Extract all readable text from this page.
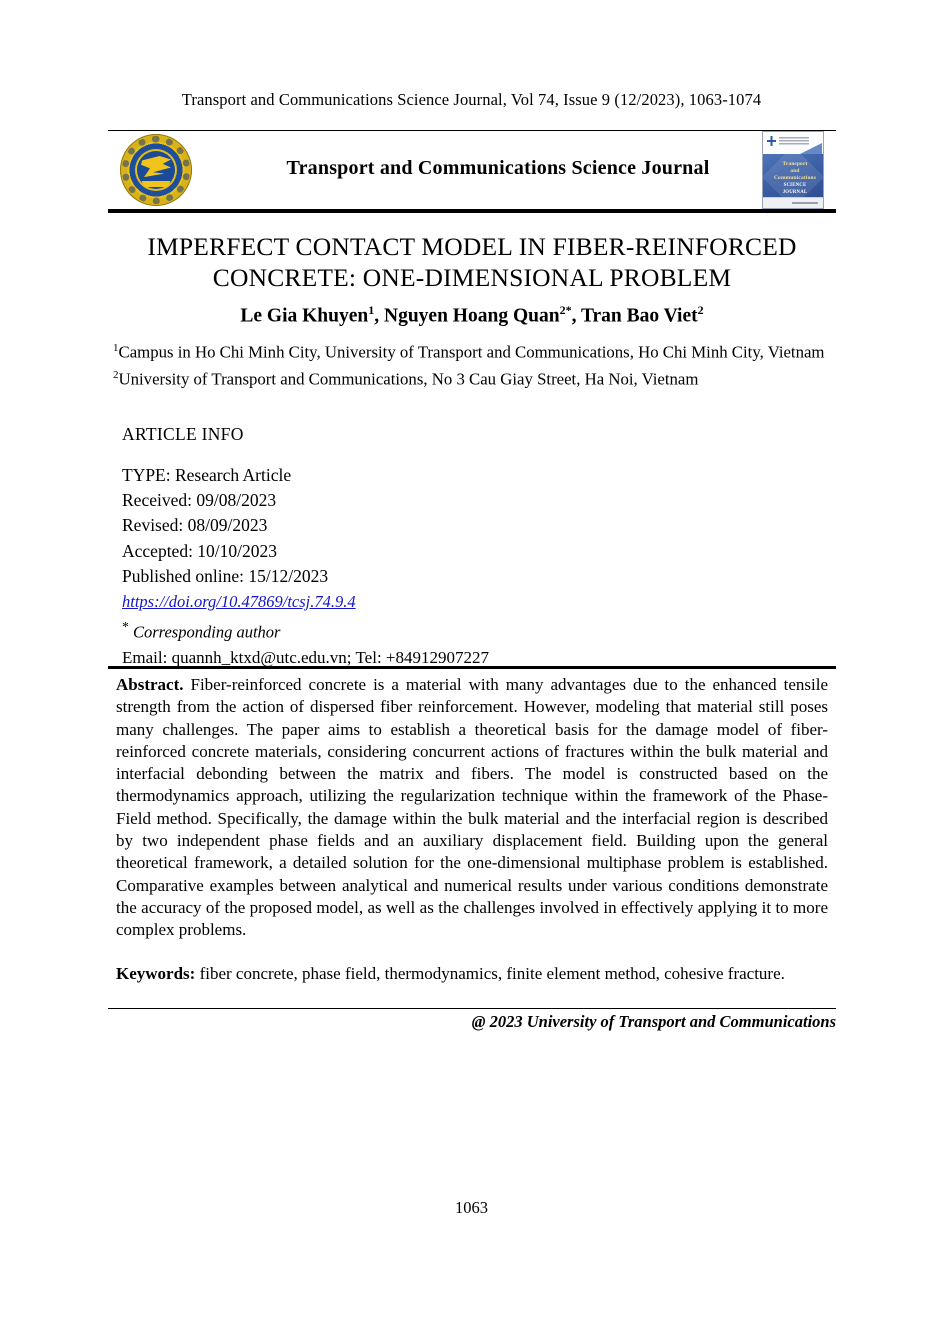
Transport and Communications Science Journal, Vol 74, Issue 9 (12/2023), 1063-1074
Transport and Communications Science Journal	Transport
and
Communications
SCIENCE JOURNAL
IMPERFECT CONTACT MODEL IN FIBER-REINFORCED CONCRETE: ONE-DIMENSIONAL PROBLEM
Le Gia Khuyen$^1$, Nguyen Hoang Quan$^{2*}$, Tran Bao Viet$^2$
$^1$Campus in Ho Chi Minh City, University of Transport and Communications, Ho Chi Minh City, Vietnam
$^2$University of Transport and Communications, No 3 Cau Giay Street, Ha Noi, Vietnam
ARTICLE INFO
TYPE: Research Article
Received: 09/08/2023
Revised: 08/09/2023
Accepted: 10/10/2023
Published online: 15/12/2023
https://doi.org/10.47869/tcsj.74.9.4
* Corresponding author
Email: quannh_ktxd@utc.edu.vn; Tel: +84912907227
Abstract. Fiber-reinforced concrete is a material with many advantages due to the enhanced tensile strength from the action of dispersed fiber reinforcement. However, modeling that material still poses many challenges. The paper aims to establish a theoretical basis for the damage model of fiber-reinforced concrete materials, considering concurrent actions of fractures within the bulk material and interfacial debonding between the matrix and fibers. The model is constructed based on the thermodynamics approach, utilizing the regularization technique within the framework of the Phase-Field method. Specifically, the damage within the bulk material and the interfacial region is described by two independent phase fields and an auxiliary displacement field. Building upon the general theoretical framework, a detailed solution for the one-dimensional multiphase problem is established. Comparative examples between analytical and numerical results under various conditions demonstrate the accuracy of the proposed model, as well as the challenges involved in effectively applying it to more complex problems.
Keywords: fiber concrete, phase field, thermodynamics, finite element method, cohesive fracture.
@ 2023 University of Transport and Communications
1063
